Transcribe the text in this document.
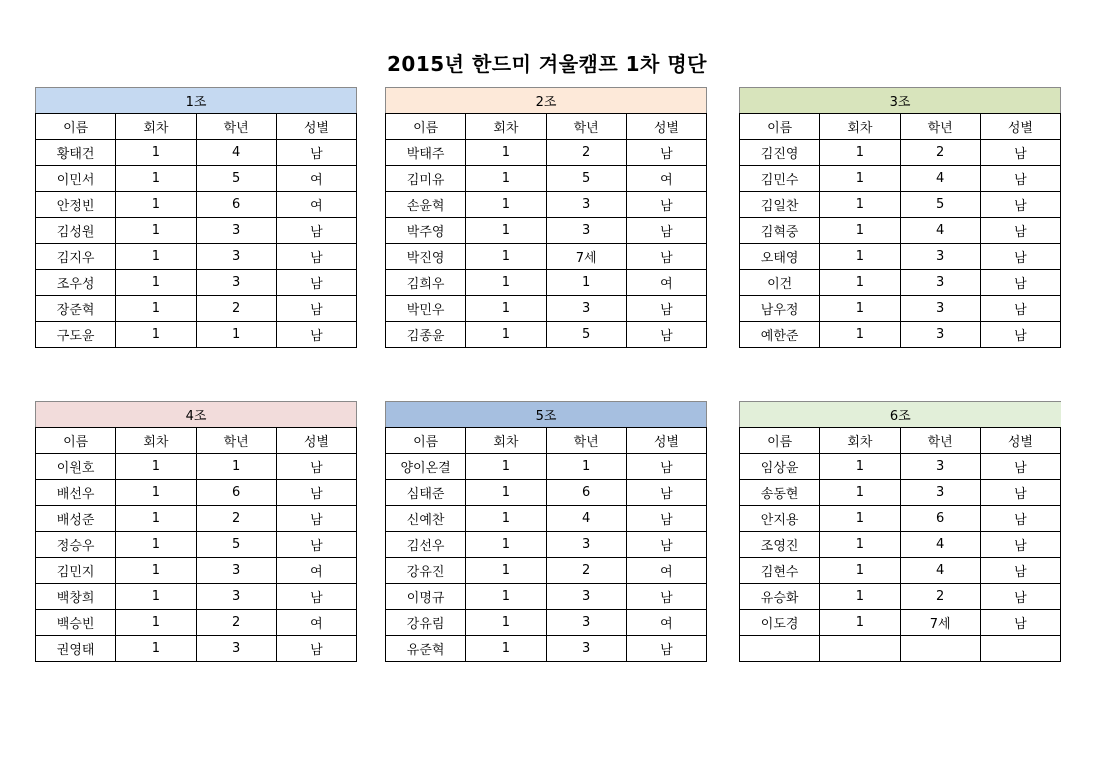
2015년 한드미 겨울캠프 1차 명단
1조			
이름	회차	학년	성별
황태건	1	4	남
이민서	1	5	여
안정빈	1	6	여
김성원	1	3	남
김지우	1	3	남
조우성	1	3	남
장준혁	1	2	남
구도윤	1	1	남
2조			
이름	회차	학년	성별
박태주	1	2	남
김미유	1	5	여
손윤혁	1	3	남
박주영	1	3	남
박진영	1	7세	남
김희우	1	1	여
박민우	1	3	남
김종윤	1	5	남
3조			
이름	회차	학년	성별
김진영	1	2	남
김민수	1	4	남
김일찬	1	5	남
김혁중	1	4	남
오태영	1	3	남
이건	1	3	남
남우정	1	3	남
예한준	1	3	남
4조			
이름	회차	학년	성별
이원호	1	1	남
배선우	1	6	남
배성준	1	2	남
정승우	1	5	남
김민지	1	3	여
백창희	1	3	남
백승빈	1	2	여
권영태	1	3	남
5조			
이름	회차	학년	성별
양이온결	1	1	남
심태준	1	6	남
신예찬	1	4	남
김선우	1	3	남
강유진	1	2	여
이명규	1	3	남
강유림	1	3	여
유준혁	1	3	남
6조			
이름	회차	학년	성별
임상윤	1	3	남
송동현	1	3	남
안지용	1	6	남
조영진	1	4	남
김현수	1	4	남
유승화	1	2	남
이도경	1	7세	남
